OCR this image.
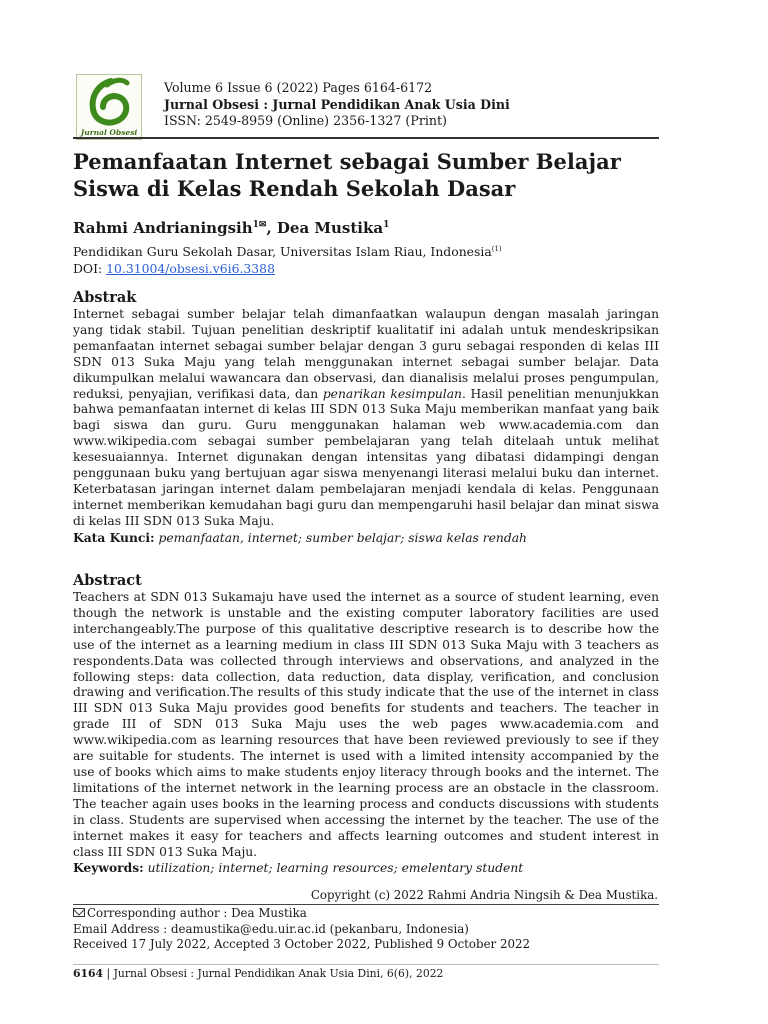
Jurnal Obsesi
Volume 6 Issue 6 (2022) Pages 6164-6172
Jurnal Obsesi : Jurnal Pendidikan Anak Usia Dini
ISSN: 2549-8959 (Online) 2356-1327 (Print)
Pemanfaatan Internet sebagai Sumber Belajar Siswa di Kelas Rendah Sekolah Dasar
Rahmi Andrianingsih$^{1✉}$, Dea Mustika$^1$
Pendidikan Guru Sekolah Dasar, Universitas Islam Riau, Indonesia$^{(1)}$
DOI: 10.31004/obsesi.v6i6.3388
Abstrak

Internet sebagai sumber belajar telah dimanfaatkan walaupun dengan masalah jaringan yang tidak stabil. Tujuan penelitian deskriptif kualitatif ini adalah untuk mendeskripsikan pemanfaatan internet sebagai sumber belajar dengan 3 guru sebagai responden di kelas III SDN 013 Suka Maju yang telah menggunakan internet sebagai sumber belajar. Data dikumpulkan melalui wawancara dan observasi, dan dianalisis melalui proses pengumpulan, reduksi, penyajian, verifikasi data, dan penarikan kesimpulan. Hasil penelitian menunjukkan bahwa pemanfaatan internet di kelas III SDN 013 Suka Maju memberikan manfaat yang baik bagi siswa dan guru. Guru menggunakan halaman web www.academia.com dan www.wikipedia.com sebagai sumber pembelajaran yang telah ditelaah untuk melihat kesesuaiannya. Internet digunakan dengan intensitas yang dibatasi didampingi dengan penggunaan buku yang bertujuan agar siswa menyenangi literasi melalui buku dan internet. Keterbatasan jaringan internet dalam pembelajaran menjadi kendala di kelas. Penggunaan internet memberikan kemudahan bagi guru dan mempengaruhi hasil belajar dan minat siswa di kelas III SDN 013 Suka Maju.

Kata Kunci: pemanfaatan, internet; sumber belajar; siswa kelas rendah

Abstract

Teachers at SDN 013 Sukamaju have used the internet as a source of student learning, even though the network is unstable and the existing computer laboratory facilities are used interchangeably.The purpose of this qualitative descriptive research is to describe how the use of the internet as a learning medium in class III SDN 013 Suka Maju with 3 teachers as respondents.Data was collected through interviews and observations, and analyzed in the following steps: data collection, data reduction, data display, verification, and conclusion drawing and verification.The results of this study indicate that the use of the internet in class III SDN 013 Suka Maju provides good benefits for students and teachers. The teacher in grade III of SDN 013 Suka Maju uses the web pages www.academia.com and www.wikipedia.com as learning resources that have been reviewed previously to see if they are suitable for students. The internet is used with a limited intensity accompanied by the use of books which aims to make students enjoy literacy through books and the internet. The limitations of the internet network in the learning process are an obstacle in the classroom. The teacher again uses books in the learning process and conducts discussions with students in class. Students are supervised when accessing the internet by the teacher. The use of the internet makes it easy for teachers and affects learning outcomes and student interest in class III SDN 013 Suka Maju.

Keywords: utilization; internet; learning resources; emelentary student

Copyright (c) 2022 Rahmi Andria Ningsih & Dea Mustika.
Corresponding author : Dea Mustika
Email Address : deamustika@edu.uir.ac.id (pekanbaru, Indonesia)
Received 17 July 2022, Accepted 3 October 2022, Published 9 October 2022
6164 | Jurnal Obsesi : Jurnal Pendidikan Anak Usia Dini, 6(6), 2022
